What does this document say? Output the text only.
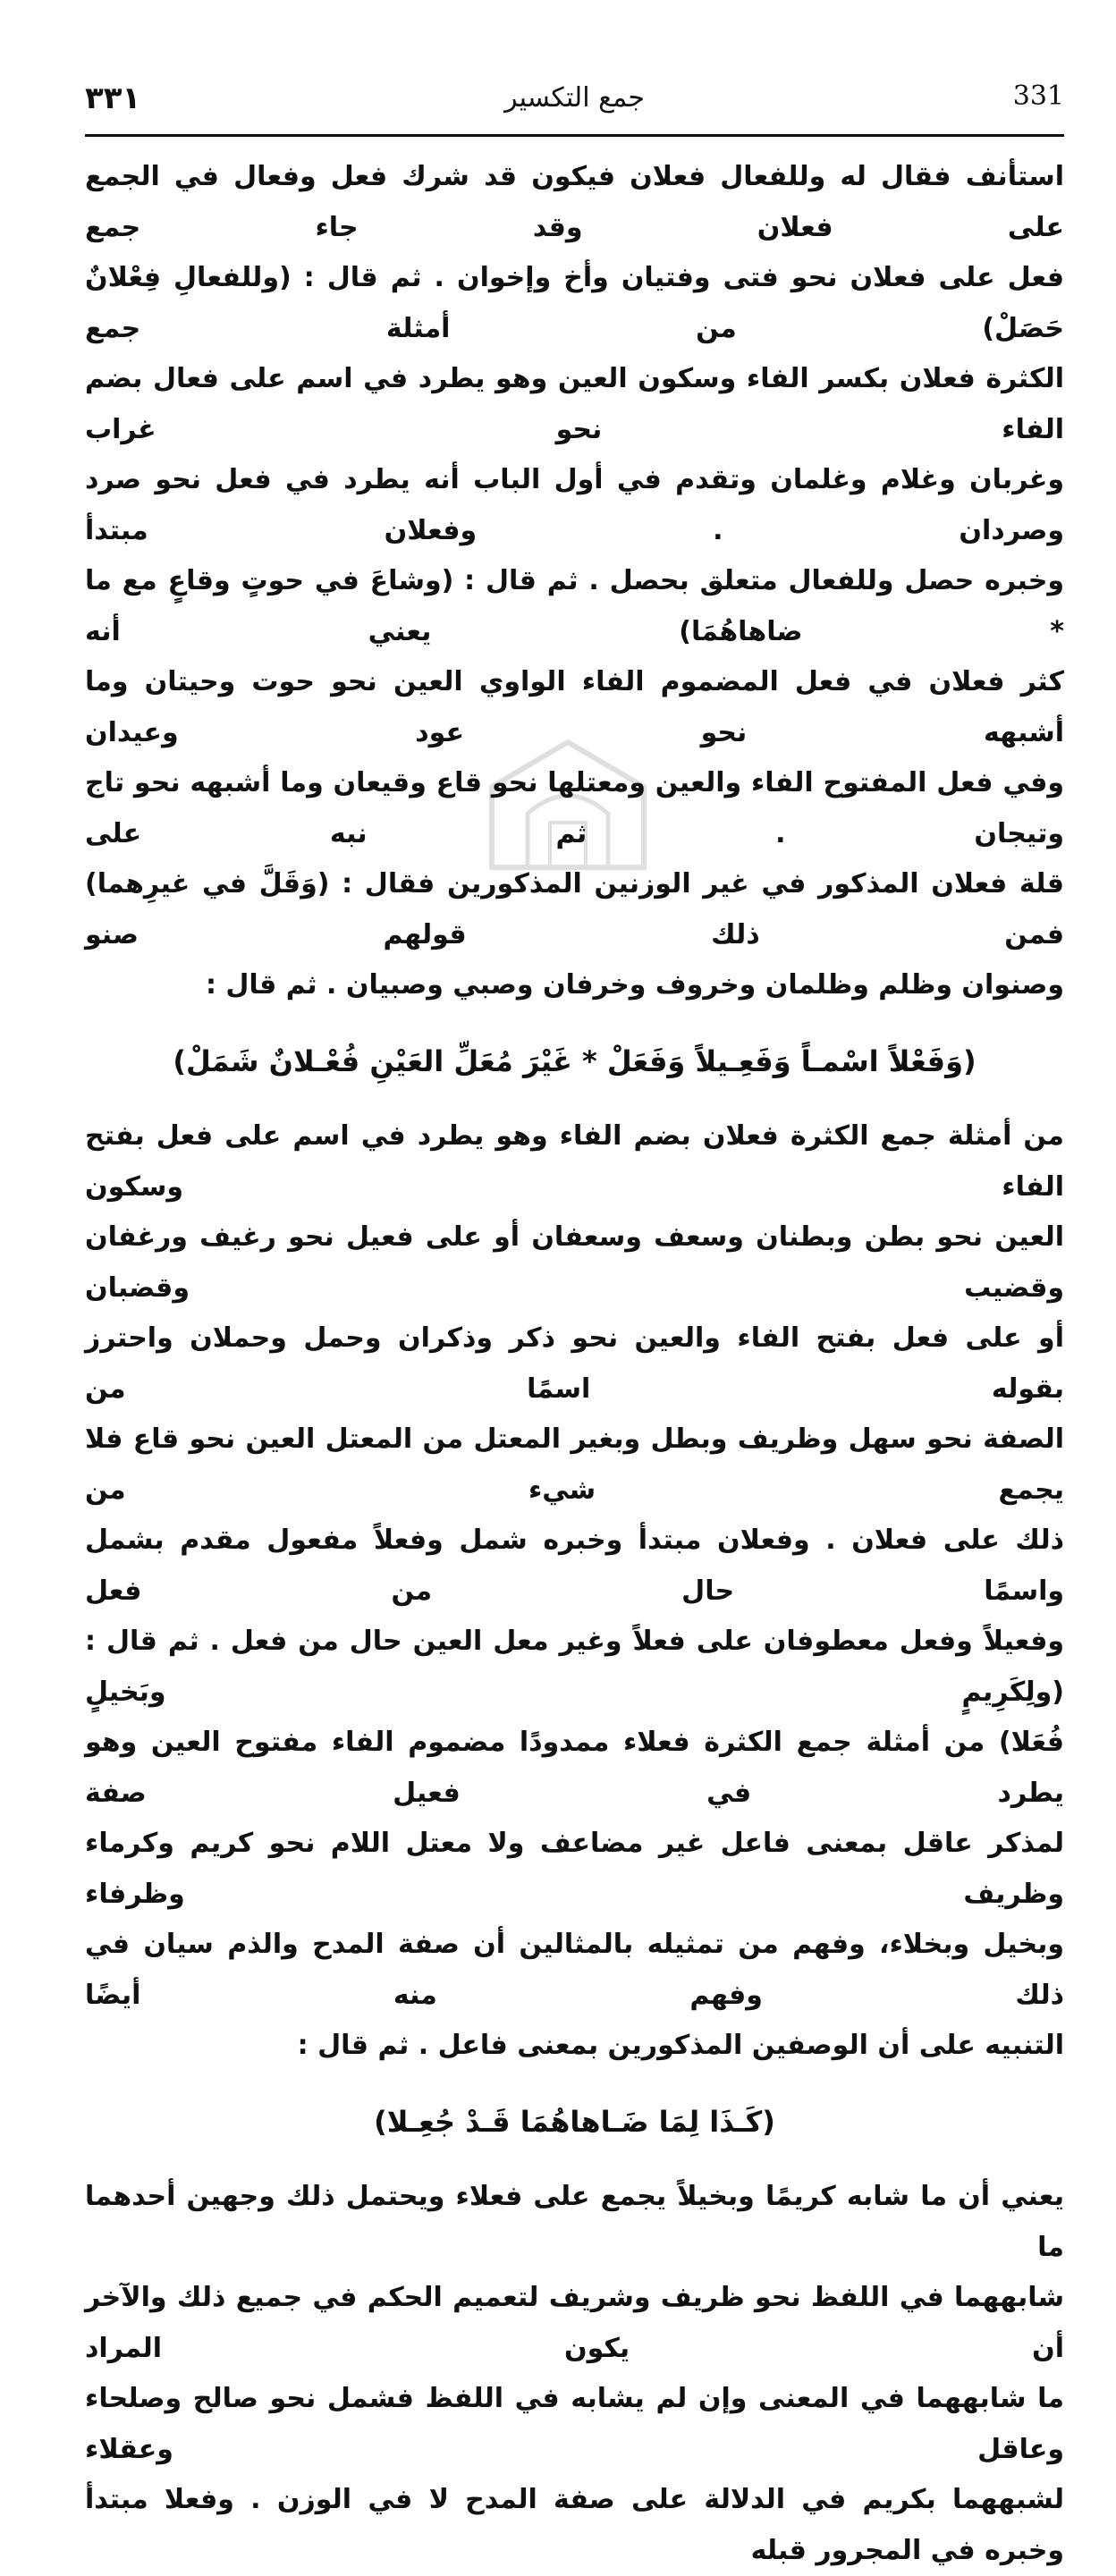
٣٣١	جمع التكسير	331
استأنف فقال له وللفعال فعلان فيكون قد شرك فعل وفعال في الجمع على فعلان وقد جاء جمع
فعل على فعلان نحو فتى وفتيان وأخ وإخوان . ثم قال : (وللفعالِ فِعْلانٌ حَصَلْ) من أمثلة جمع
الكثرة فعلان بكسر الفاء وسكون العين وهو يطرد في اسم على فعال بضم الفاء نحو غراب
وغربان وغلام وغلمان وتقدم في أول الباب أنه يطرد في فعل نحو صرد وصردان . وفعلان مبتدأ
وخبره حصل وللفعال متعلق بحصل . ثم قال : (وشاعَ في حوتٍ وقاعٍ مع ما * ضاهاهُمَا) يعني أنه
كثر فعلان في فعل المضموم الفاء الواوي العين نحو حوت وحيتان وما أشبهه نحو عود وعيدان
وفي فعل المفتوح الفاء والعين ومعتلها نحو قاع وقيعان وما أشبهه نحو تاج وتيجان . ثم نبه على
قلة فعلان المذكور في غير الوزنين المذكورين فقال : (وَقَلَّ في غيرِهما) فمن ذلك قولهم صنو
وصنوان وظلم وظلمان وخروف وخرفان وصبي وصبيان . ثم قال :
(وَفَعْلاً اسْمـاً وَفَعِـيلاً وَفَعَلْ * غَيْرَ مُعَلِّ العَيْنِ فُعْـلانٌ شَمَلْ)
من أمثلة جمع الكثرة فعلان بضم الفاء وهو يطرد في اسم على فعل بفتح الفاء وسكون
العين نحو بطن وبطنان وسعف وسعفان أو على فعيل نحو رغيف ورغفان وقضيب وقضبان
أو على فعل بفتح الفاء والعين نحو ذكر وذكران وحمل وحملان واحترز بقوله اسمًا من
الصفة نحو سهل وظريف وبطل وبغير المعتل من المعتل العين نحو قاع فلا يجمع شيء من
ذلك على فعلان . وفعلان مبتدأ وخبره شمل وفعلاً مفعول مقدم بشمل واسمًا حال من فعل
وفعيلاً وفعل معطوفان على فعلاً وغير معل العين حال من فعل . ثم قال : (ولِكَرِيمٍ وبَخيلٍ
فُعَلا) من أمثلة جمع الكثرة فعلاء ممدودًا مضموم الفاء مفتوح العين وهو يطرد في فعيل صفة
لمذكر عاقل بمعنى فاعل غير مضاعف ولا معتل اللام نحو كريم وكرماء وظريف وظرفاء
وبخيل وبخلاء، وفهم من تمثيله بالمثالين أن صفة المدح والذم سيان في ذلك وفهم منه أيضًا
التنبيه على أن الوصفين المذكورين بمعنى فاعل . ثم قال :
(كَـذَا لِمَا ضَـاهاهُمَا قَـدْ جُعِـلا)
يعني أن ما شابه كريمًا وبخيلاً يجمع على فعلاء ويحتمل ذلك وجهين أحدهما ما
شابههما في اللفظ نحو ظريف وشريف لتعميم الحكم في جميع ذلك والآخر أن يكون المراد
ما شابههما في المعنى وإن لم يشابه في اللفظ فشمل نحو صالح وصلحاء وعاقل وعقلاء
لشبههما بكريم في الدلالة على صفة المدح لا في الوزن . وفعلا مبتدأ وخبره في المجرور قبله
